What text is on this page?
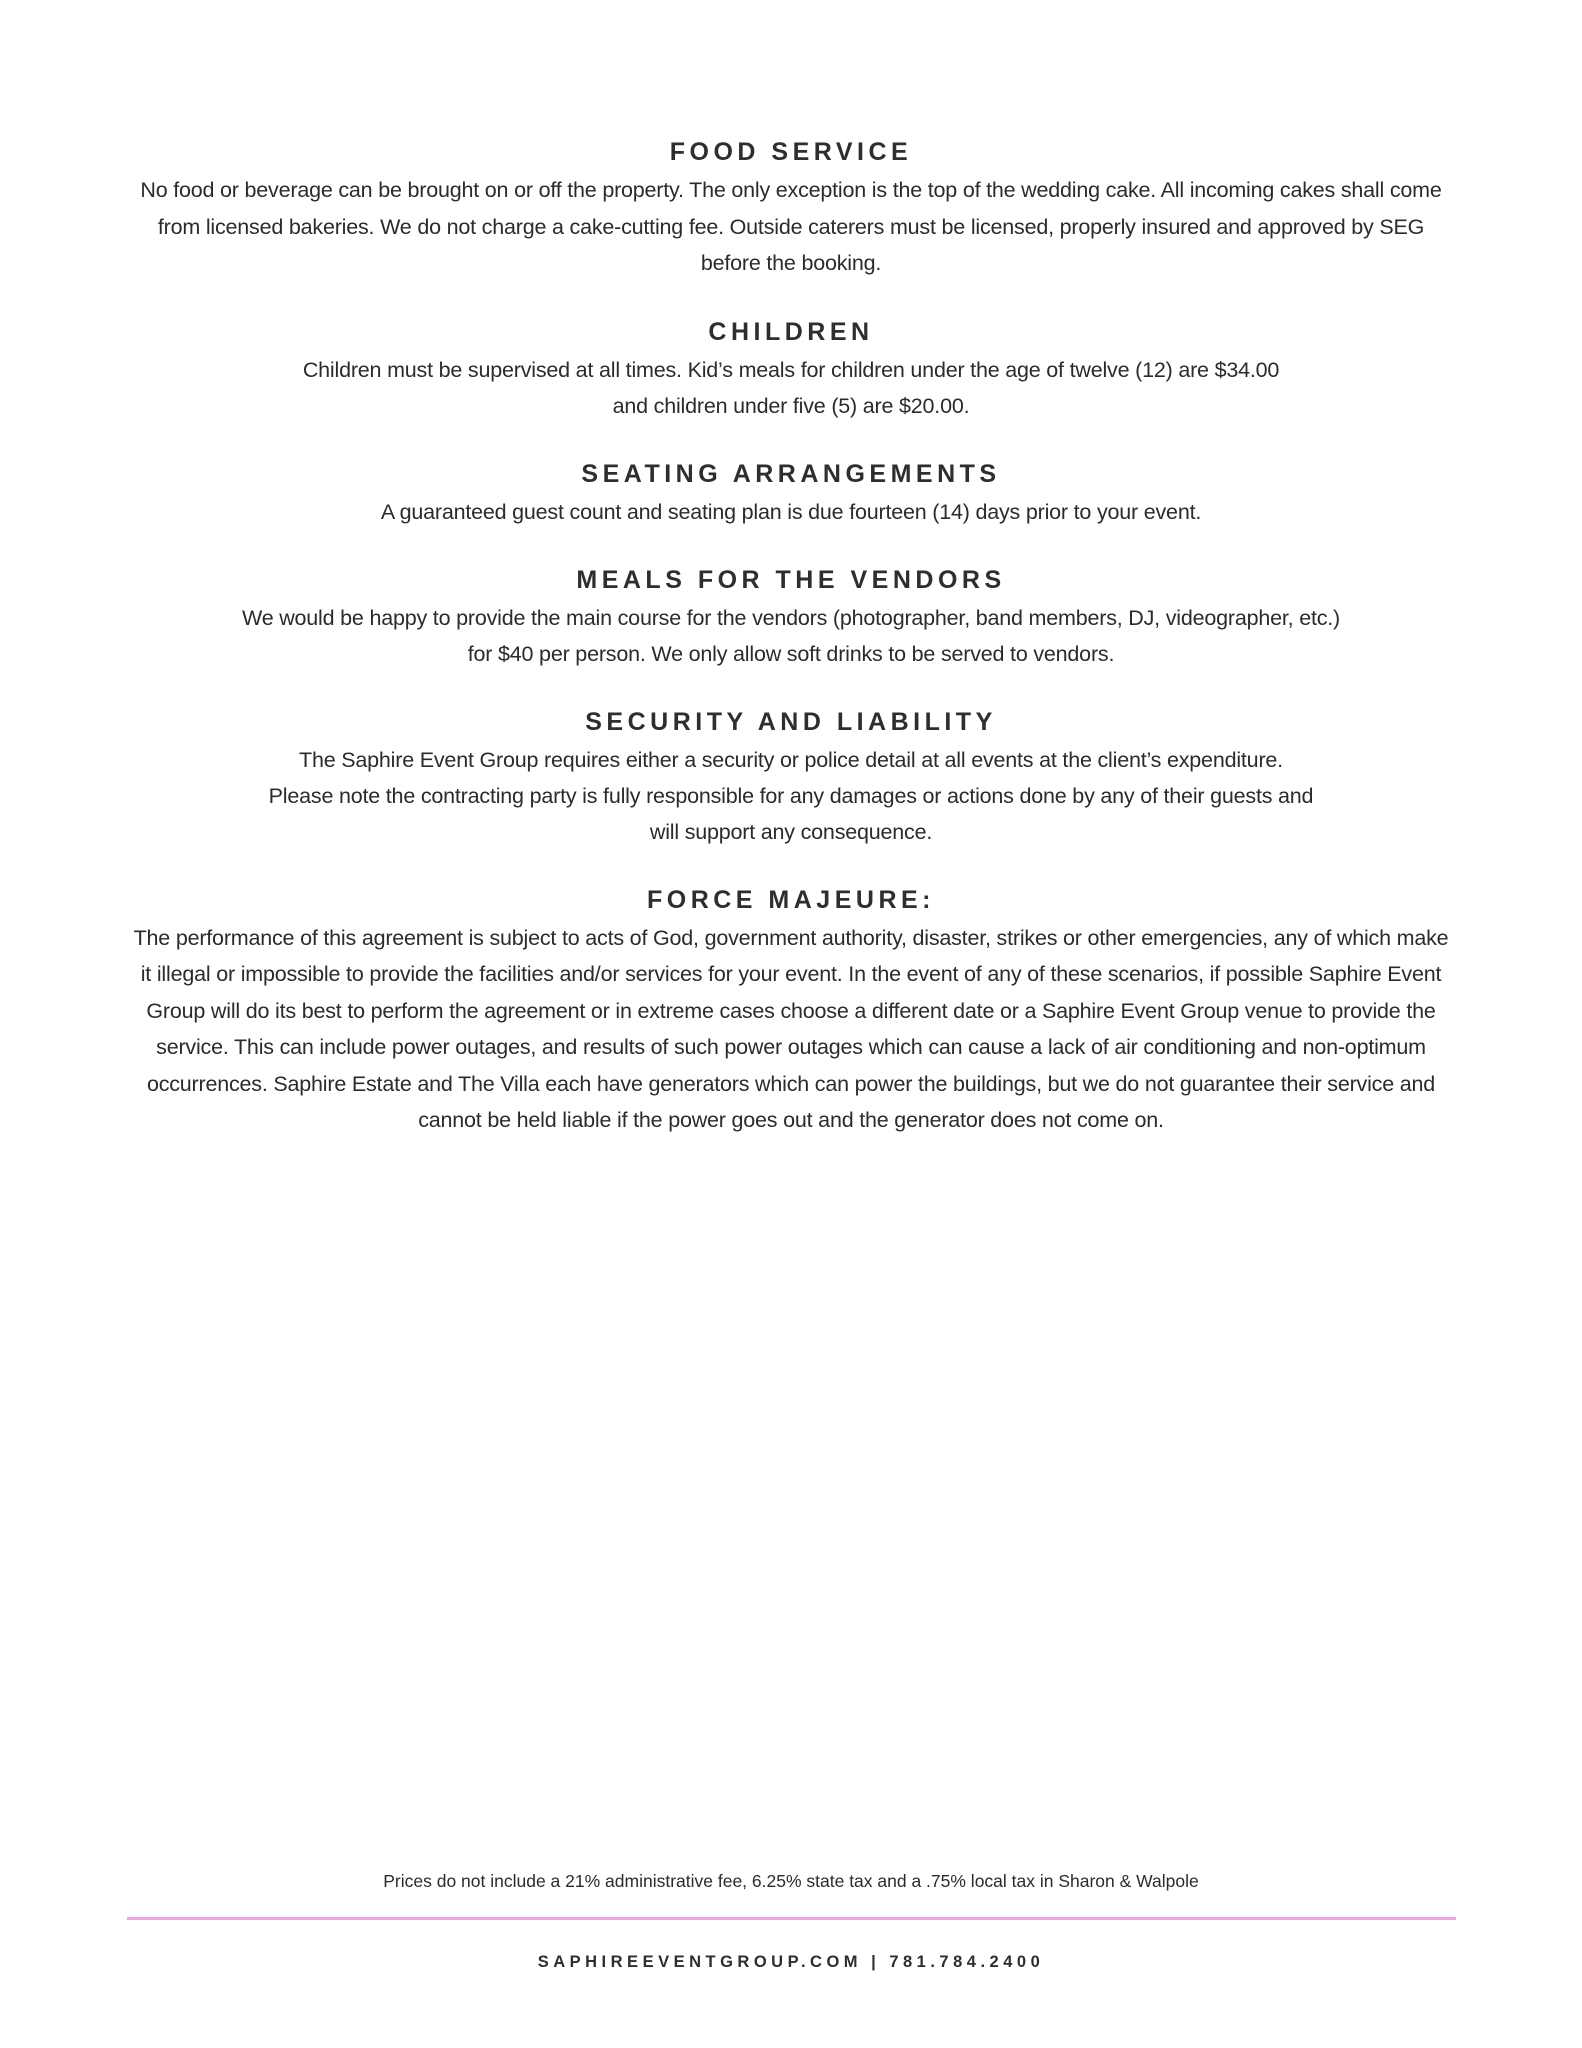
FOOD SERVICE

No food or beverage can be brought on or off the property. The only exception is the top of the wedding cake. All incoming cakes shall come from licensed bakeries. We do not charge a cake-cutting fee. Outside caterers must be licensed, properly insured and approved by SEG before the booking.

CHILDREN

Children must be supervised at all times. Kid’s meals for children under the age of twelve (12) are $34.00

and children under five (5) are $20.00.

SEATING ARRANGEMENTS

A guaranteed guest count and seating plan is due fourteen (14) days prior to your event.

MEALS FOR THE VENDORS

We would be happy to provide the main course for the vendors (photographer, band members, DJ, videographer, etc.)

for $40 per person. We only allow soft drinks to be served to vendors.

SECURITY AND LIABILITY

The Saphire Event Group requires either a security or police detail at all events at the client’s expenditure.

Please note the contracting party is fully responsible for any damages or actions done by any of their guests and

will support any consequence.

FORCE MAJEURE:

The performance of this agreement is subject to acts of God, government authority, disaster, strikes or other emergencies, any of which make it illegal or impossible to provide the facilities and/or services for your event. In the event of any of these scenarios, if possible Saphire Event Group will do its best to perform the agreement or in extreme cases choose a different date or a Saphire Event Group venue to provide the service. This can include power outages, and results of such power outages which can cause a lack of air conditioning and non-optimum occurrences. Saphire Estate and The Villa each have generators which can power the buildings, but we do not guarantee their service and cannot be held liable if the power goes out and the generator does not come on.

Prices do not include a 21% administrative fee, 6.25% state tax and a .75% local tax in Sharon & Walpole
SAPHIREEVENTGROUP.COM | 781.784.2400
